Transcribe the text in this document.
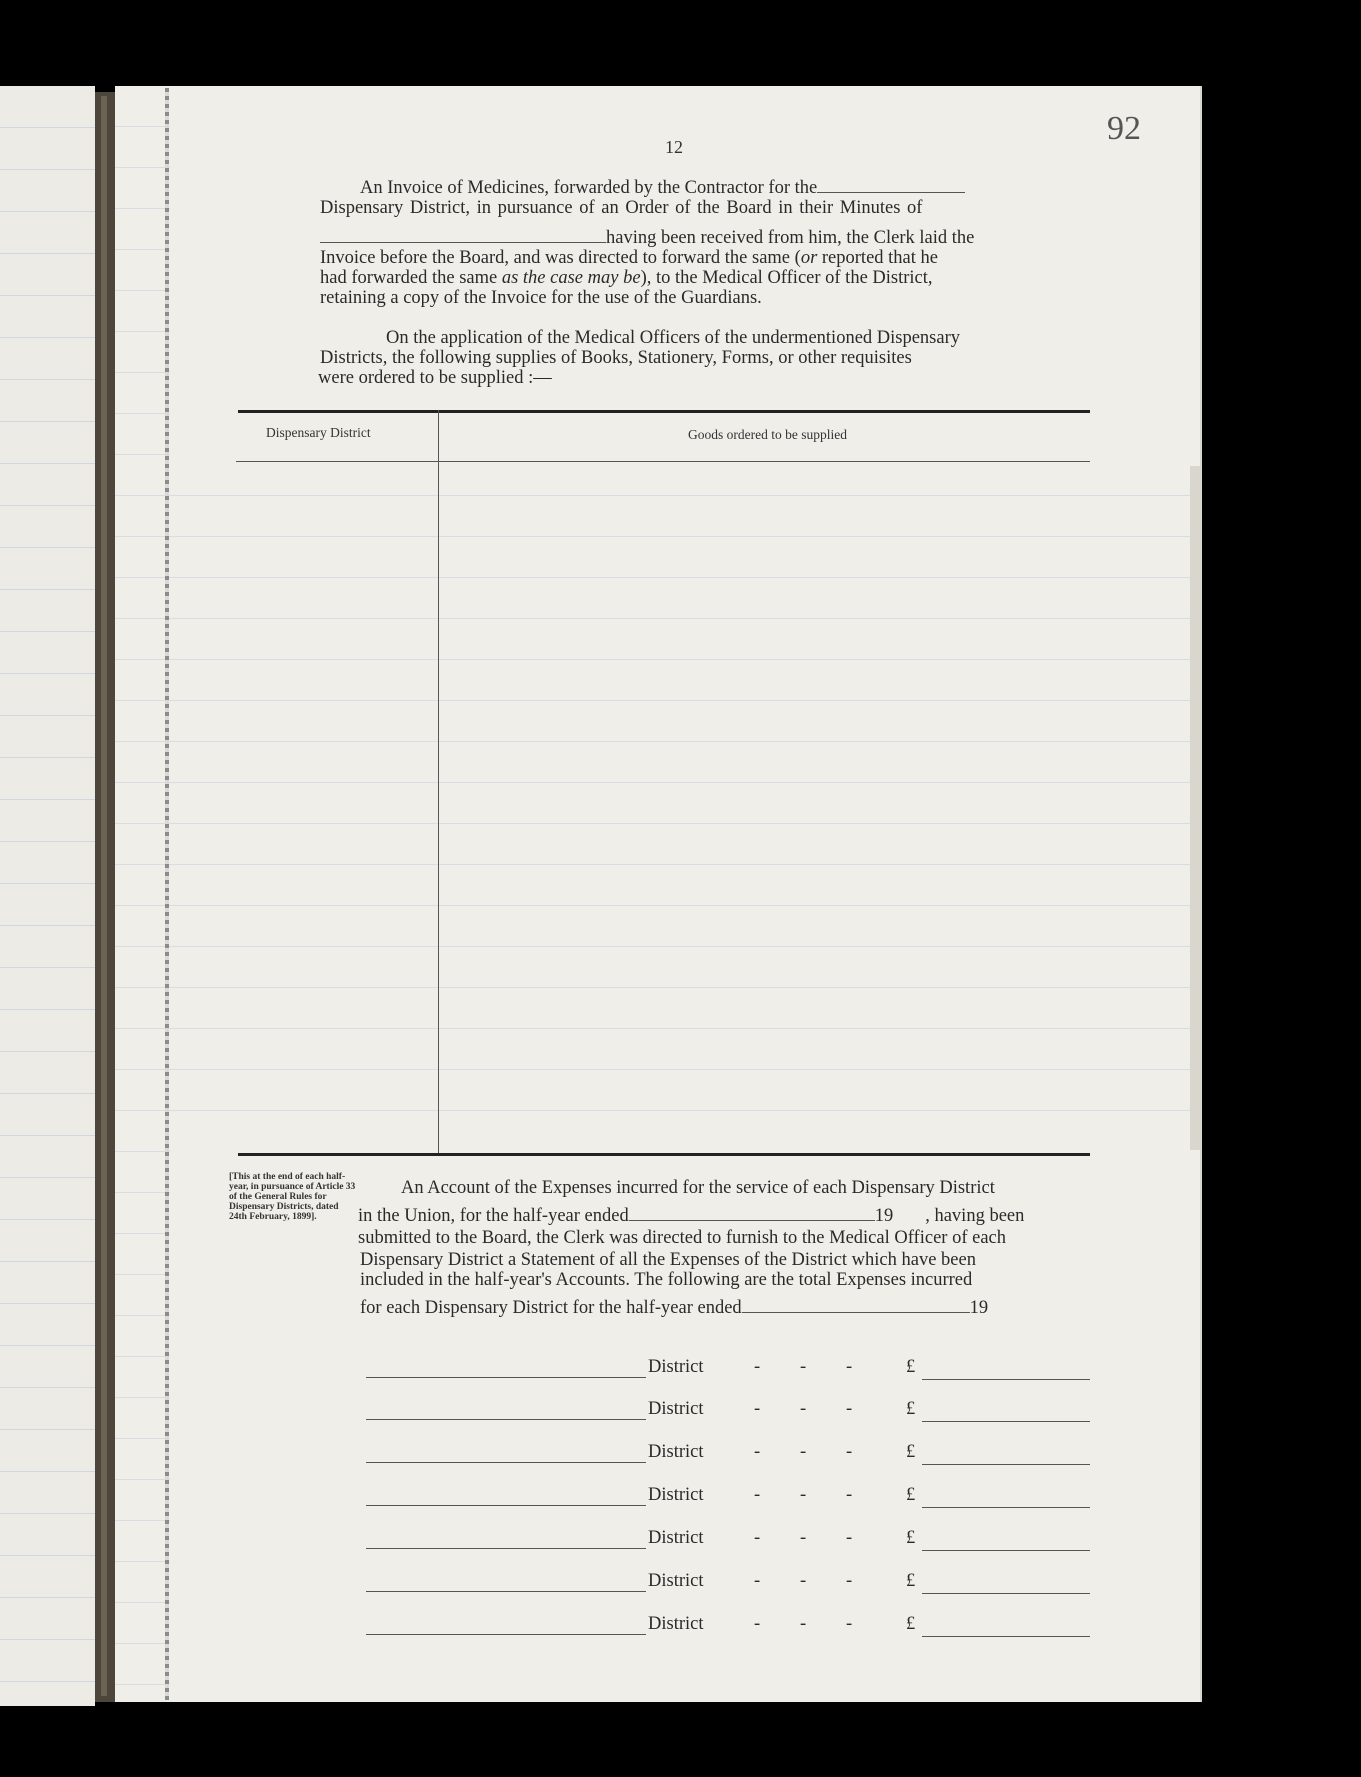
92
12
An Invoice of Medicines, forwarded by the Contractor for the
Dispensary District, in pursuance of an Order of the Board in their Minutes of
having been received from him, the Clerk laid the
Invoice before the Board, and was directed to forward the same (or reported that he
had forwarded the same as the case may be), to the Medical Officer of the District,
retaining a copy of the Invoice for the use of the Guardians.
On the application of the Medical Officers of the undermentioned Dispensary
Districts, the following supplies of Books, Stationery, Forms, or other requisites
were ordered to be supplied :—
Dispensary District	Goods ordered to be supplied
[This at the end of each half-year, in pursuance of Article 33 of the General Rules for Dispensary Districts, dated 24th February, 1899].
An Account of the Expenses incurred for the service of each Dispensary District
in the Union, for the half-year ended	19 , having been
submitted to the Board, the Clerk was directed to furnish to the Medical Officer of each
Dispensary District a Statement of all the Expenses of the District which have been
included in the half-year's Accounts. The following are the total Expenses incurred
for each Dispensary District for the half-year ended	19
District	- - -	£
District	- - -	£
District	- - -	£
District	- - -	£
District	- - -	£
District	- - -	£
District	- - -	£
